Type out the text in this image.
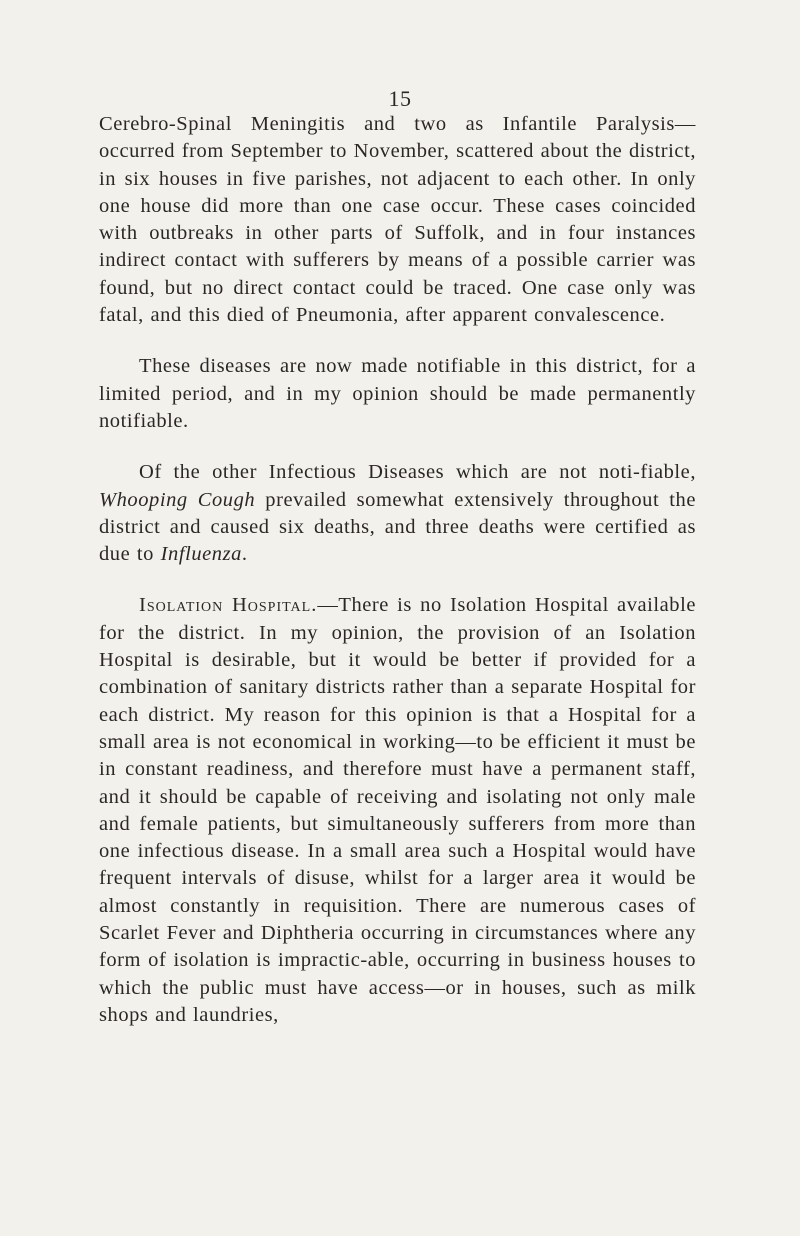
15

Cerebro-Spinal Meningitis and two as Infantile Paralysis—occurred from September to November, scattered about the district, in six houses in five parishes, not adjacent to each other. In only one house did more than one case occur. These cases coincided with outbreaks in other parts of Suffolk, and in four instances indirect contact with sufferers by means of a possible carrier was found, but no direct contact could be traced. One case only was fatal, and this died of Pneumonia, after apparent convalescence.

These diseases are now made notifiable in this district, for a limited period, and in my opinion should be made permanently notifiable.

Of the other Infectious Diseases which are not noti-fiable, Whooping Cough prevailed somewhat extensively throughout the district and caused six deaths, and three deaths were certified as due to Influenza.

Isolation Hospital.—There is no Isolation Hospital available for the district. In my opinion, the provision of an Isolation Hospital is desirable, but it would be better if provided for a combination of sanitary districts rather than a separate Hospital for each district. My reason for this opinion is that a Hospital for a small area is not economical in working—to be efficient it must be in constant readiness, and therefore must have a permanent staff, and it should be capable of receiving and isolating not only male and female patients, but simultaneously sufferers from more than one infectious disease. In a small area such a Hospital would have frequent intervals of disuse, whilst for a larger area it would be almost constantly in requisition. There are numerous cases of Scarlet Fever and Diphtheria occurring in circumstances where any form of isolation is impractic-able, occurring in business houses to which the public must have access—or in houses, such as milk shops and laundries,
